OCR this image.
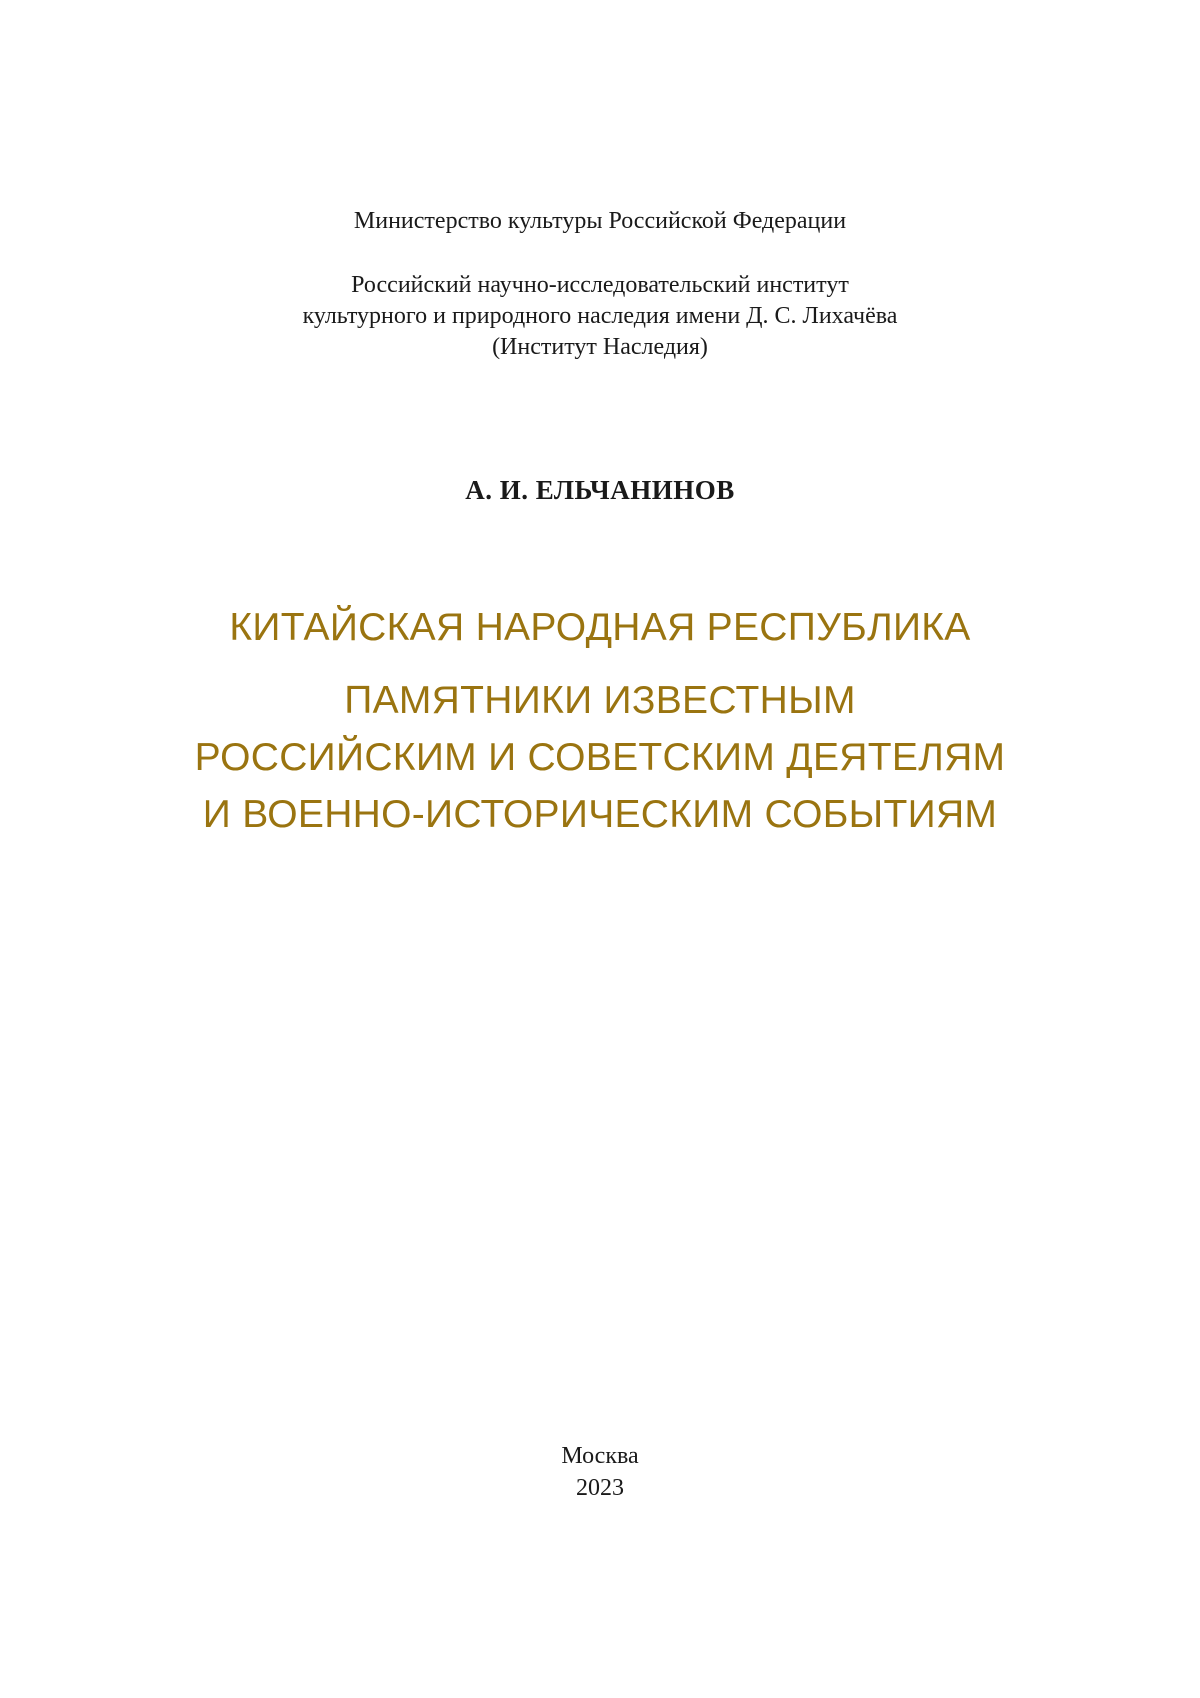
Министерство культуры Российской Федерации
Российский научно-исследовательский институт
культурного и природного наследия имени Д. С. Лихачёва
(Институт Наследия)
А. И. ЕЛЬЧАНИНОВ
КИТАЙСКАЯ НАРОДНАЯ РЕСПУБЛИКА
ПАМЯТНИКИ ИЗВЕСТНЫМ
РОССИЙСКИМ И СОВЕТСКИМ ДЕЯТЕЛЯМ
И ВОЕННО-ИСТОРИЧЕСКИМ СОБЫТИЯМ
Москва
2023
